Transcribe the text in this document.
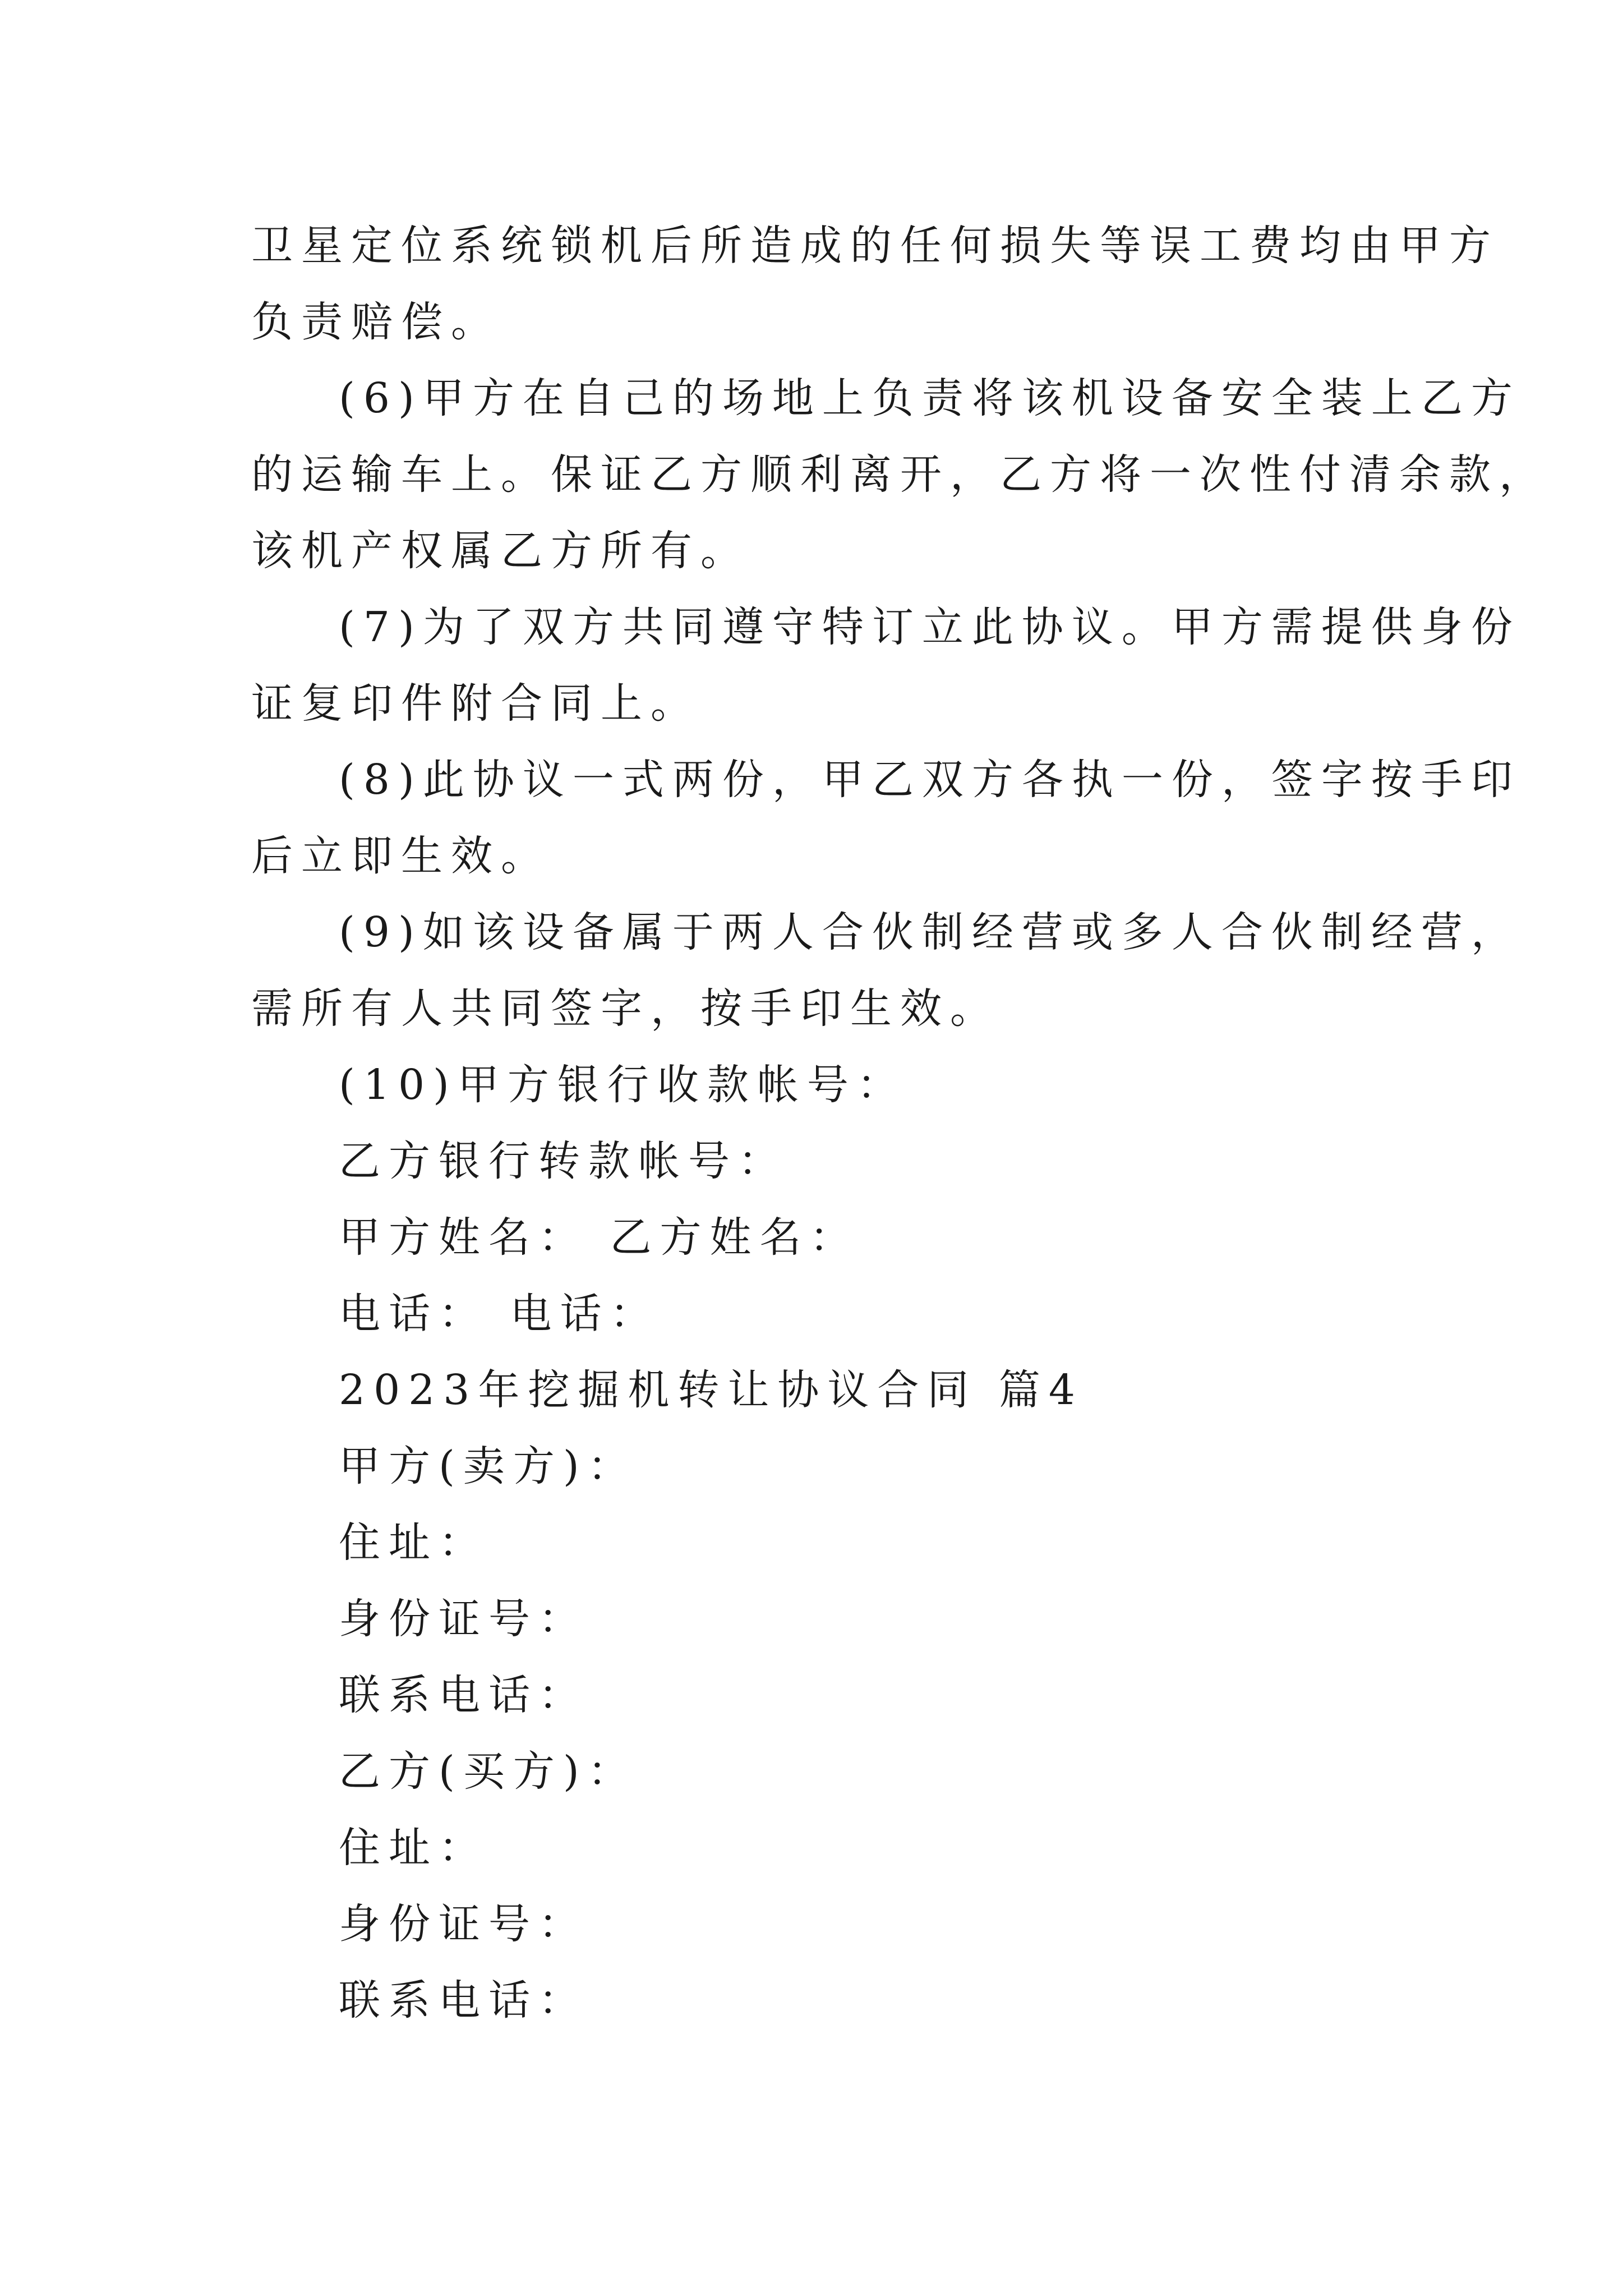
卫星定位系统锁机后所造成的任何损失等误工费均由甲方
负责赔偿。
(6)甲方在自己的场地上负责将该机设备安全装上乙方
的运输车上。保证乙方顺利离开，乙方将一次性付清余款，
该机产权属乙方所有。
(7)为了双方共同遵守特订立此协议。甲方需提供身份
证复印件附合同上。
(8)此协议一式两份，甲乙双方各执一份，签字按手印
后立即生效。
(9)如该设备属于两人合伙制经营或多人合伙制经营，
需所有人共同签字，按手印生效。
(10)甲方银行收款帐号：
乙方银行转款帐号：
甲方姓名： 乙方姓名：
电话： 电话：
2023年挖掘机转让协议合同 篇4
甲方(卖方)：
住址：
身份证号：
联系电话：
乙方(买方)：
住址：
身份证号：
联系电话：
